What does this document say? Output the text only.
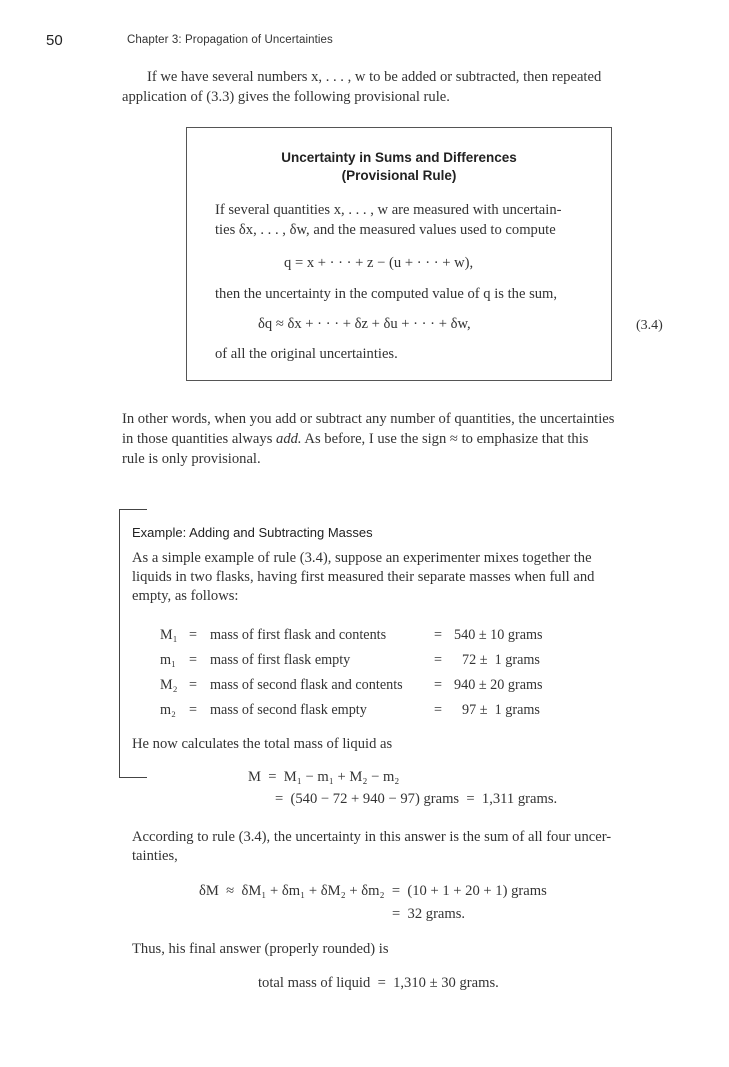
50	Chapter 3: Propagation of Uncertainties
If we have several numbers x, . . . , w to be added or subtracted, then repeated
application of (3.3) gives the following provisional rule.
Uncertainty in Sums and Differences
(Provisional Rule)
If several quantities x, . . . , w are measured with uncertain-
ties δx, . . . , δw, and the measured values used to compute
q = x + · · · + z − (u + · · · + w),
then the uncertainty in the computed value of q is the sum,
δq ≈ δx + · · · + δz + δu + · · · + δw,	(3.4)
of all the original uncertainties.
In other words, when you add or subtract any number of quantities, the uncertainties
in those quantities always add. As before, I use the sign ≈ to emphasize that this
rule is only provisional.
Example: Adding and Subtracting Masses
As a simple example of rule (3.4), suppose an experimenter mixes together the
liquids in two flasks, having first measured their separate masses when full and
empty, as follows:
M₁ = mass of first flask and contents	= 540 ± 10 grams
m₁ = mass of first flask empty	= 72 ±  1 grams
M₂ = mass of second flask and contents = 940 ± 20 grams
m₂ = mass of second flask empty	= 97 ±  1 grams
He now calculates the total mass of liquid as
M  =  M₁ − m₁ + M₂ − m₂
=  (540 − 72 + 940 − 97) grams  =  1,311 grams.
According to rule (3.4), the uncertainty in this answer is the sum of all four uncer-
tainties,
δM  ≈  δM₁ + δm₁ + δM₂ + δm₂  =  (10 + 1 + 20 + 1) grams
=  32 grams.
Thus, his final answer (properly rounded) is
total mass of liquid  =  1,310 ± 30 grams.
